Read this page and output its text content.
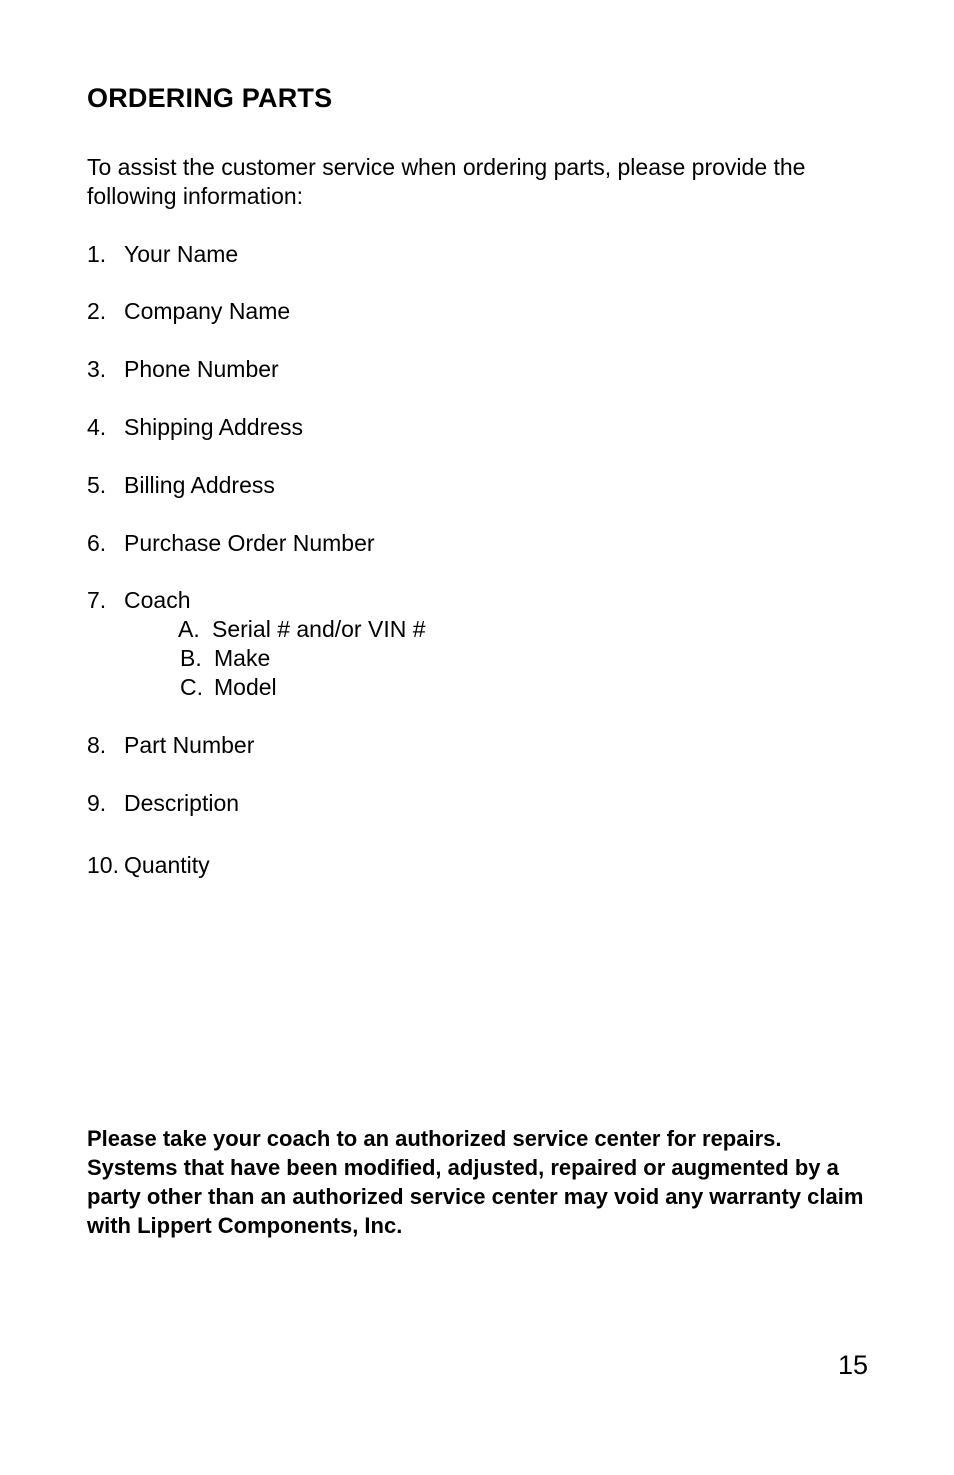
ORDERING PARTS
To assist the customer service when ordering parts, please provide the following information:
1. Your Name
2. Company Name
3. Phone Number
4. Shipping Address
5. Billing Address
6. Purchase Order Number
7. Coach
A. Serial # and/or VIN #
B. Make
C. Model
8. Part Number
9. Description
10. Quantity
Please take your coach to an authorized service center for repairs. Systems that have been modified, adjusted, repaired or augmented by a party other than an authorized service center may void any warranty claim with Lippert Components, Inc.
15
